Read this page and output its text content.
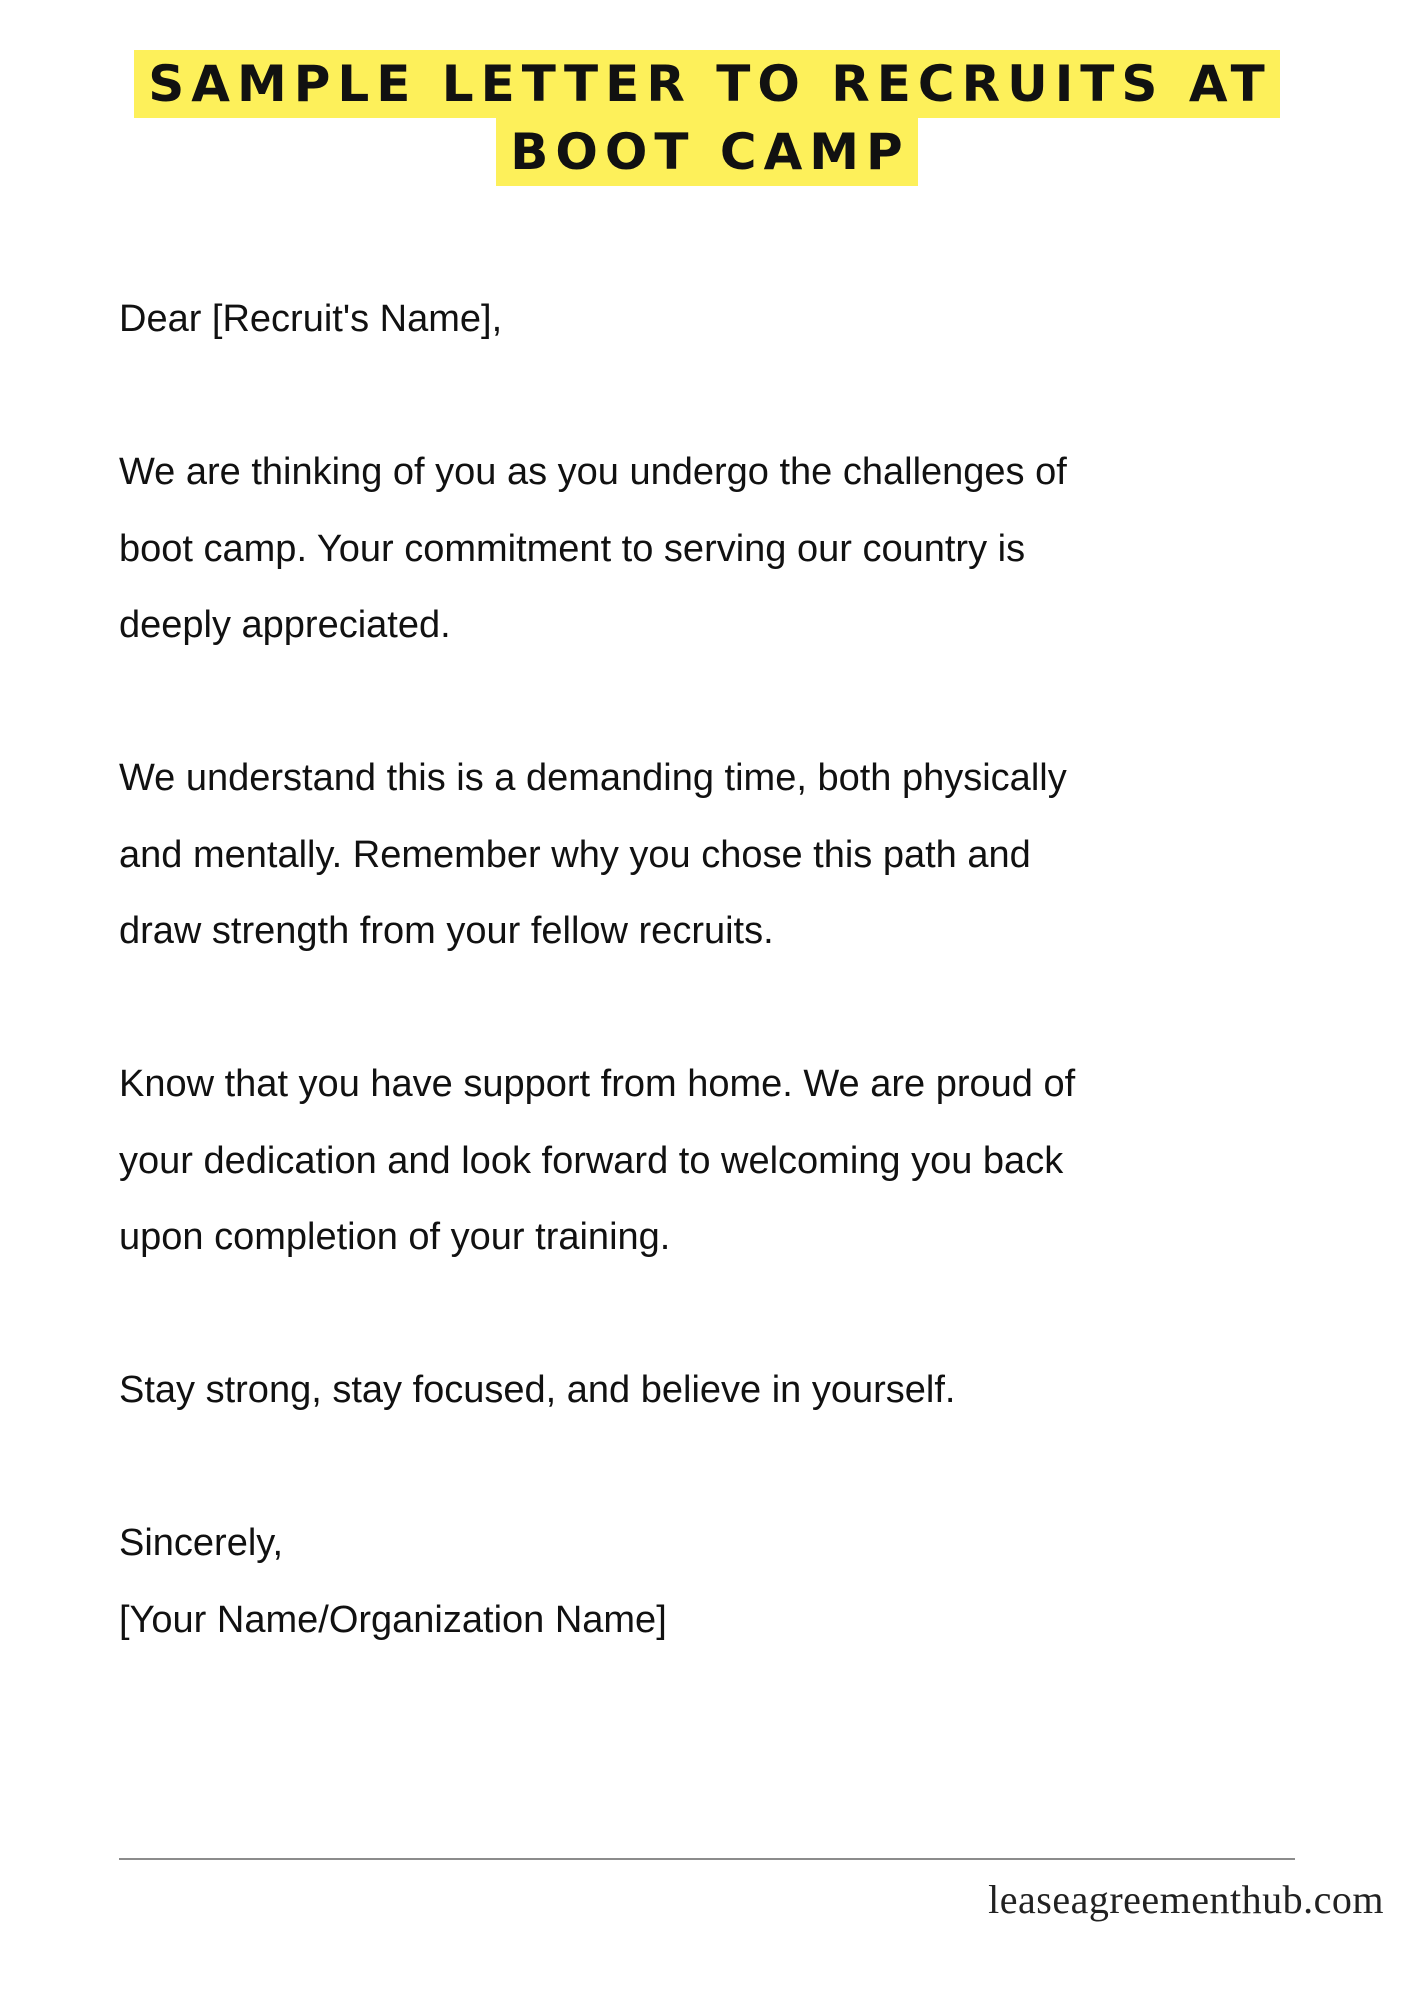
SAMPLE LETTER TO RECRUITS AT
BOOT CAMP

Dear [Recruit's Name],

We are thinking of you as you undergo the challenges of
boot camp. Your commitment to serving our country is
deeply appreciated.

We understand this is a demanding time, both physically
and mentally. Remember why you chose this path and
draw strength from your fellow recruits.

Know that you have support from home. We are proud of
your dedication and look forward to welcoming you back
upon completion of your training.

Stay strong, stay focused, and believe in yourself.

Sincerely,

[Your Name/Organization Name]

leaseagreementhub.com
